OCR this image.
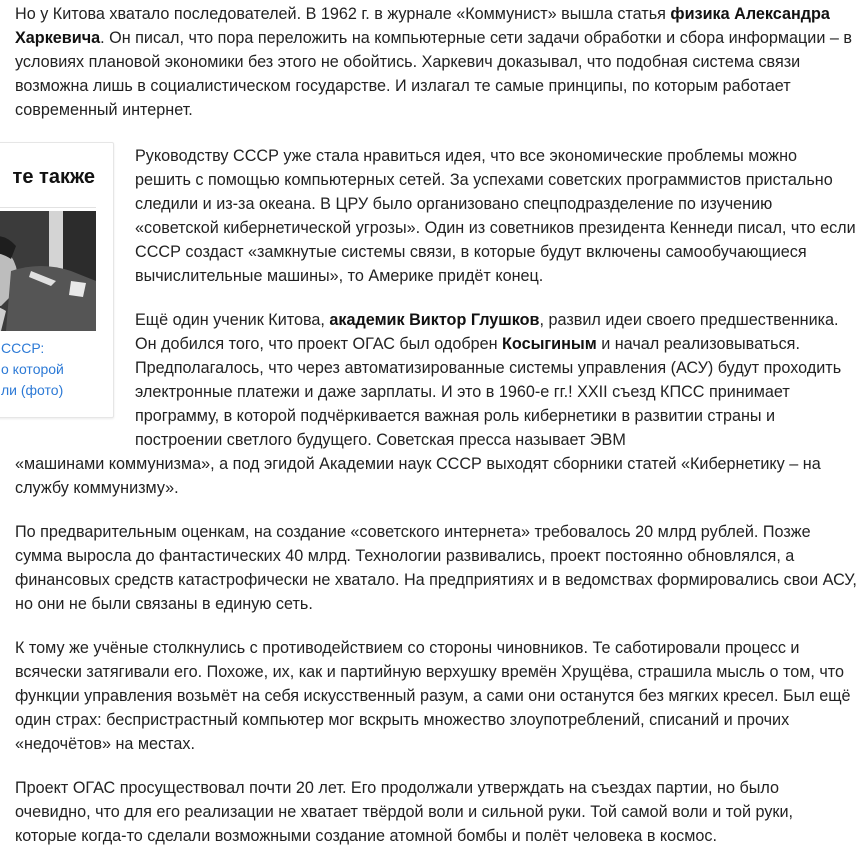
те также
СССР:
о которой
ли (фото)

Но у Китова хватало последователей. В 1962 г. в журнале «Коммунист» вышла статья физика Александра Харкевича. Он писал, что пора переложить на компьютерные сети задачи обработки и сбора информации – в условиях плановой экономики без этого не обойтись. Харкевич доказывал, что подобная система связи возможна лишь в социалистическом государстве. И излагал те самые принципы, по которым работает современный интернет.

Руководству СССР уже стала нравиться идея, что все экономические проблемы можно решить с помощью компьютерных сетей. За успехами советских программистов пристально следили и из-за океана. В ЦРУ было организовано спецподразделение по изучению «советской кибернетической угрозы». Один из советников президента Кеннеди писал, что если СССР создаст «замкнутые системы связи, в которые будут включены самообучающиеся вычислительные машины», то Америке придёт конец.

Ещё один ученик Китова, академик Виктор Глушков, развил идеи своего предшественника. Он добился того, что проект ОГАС был одобрен Косыгиным и начал реализовываться. Предполагалось, что через автоматизированные системы управления (АСУ) будут проходить электронные платежи и даже зарплаты. И это в 1960-е гг.! XXII съезд КПСС принимает программу, в которой подчёркивается важная роль кибернетики в развитии страны и построении светлого будущего. Советская пресса называет ЭВМ

«машинами коммунизма», а под эгидой Академии наук СССР выходят сборники статей «Кибернетику – на службу коммунизму».

По предварительным оценкам, на создание «советского интернета» требовалось 20 млрд рублей. Позже сумма выросла до фантастических 40 млрд. Технологии развивались, проект постоянно обновлялся, а финансовых средств катастрофически не хватало. На предприятиях и в ведомствах формировались свои АСУ, но они не были связаны в единую сеть.

К тому же учёные столкнулись с противодействием со стороны чиновников. Те саботировали процесс и всячески затягивали его. Похоже, их, как и партийную верхушку времён Хрущёва, страшила мысль о том, что функции управления возьмёт на себя искусственный разум, а сами они останутся без мягких кресел. Был ещё один страх: беспристрастный компьютер мог вскрыть множество злоупотреблений, списаний и прочих «недочётов» на местах.

Проект ОГАС просуществовал почти 20 лет. Его продолжали утверждать на съездах партии, но было очевидно, что для его реализации не хватает твёрдой воли и сильной руки. Той самой воли и той руки, которые когда-то сделали возможными создание атомной бомбы и полёт человека в космос.
